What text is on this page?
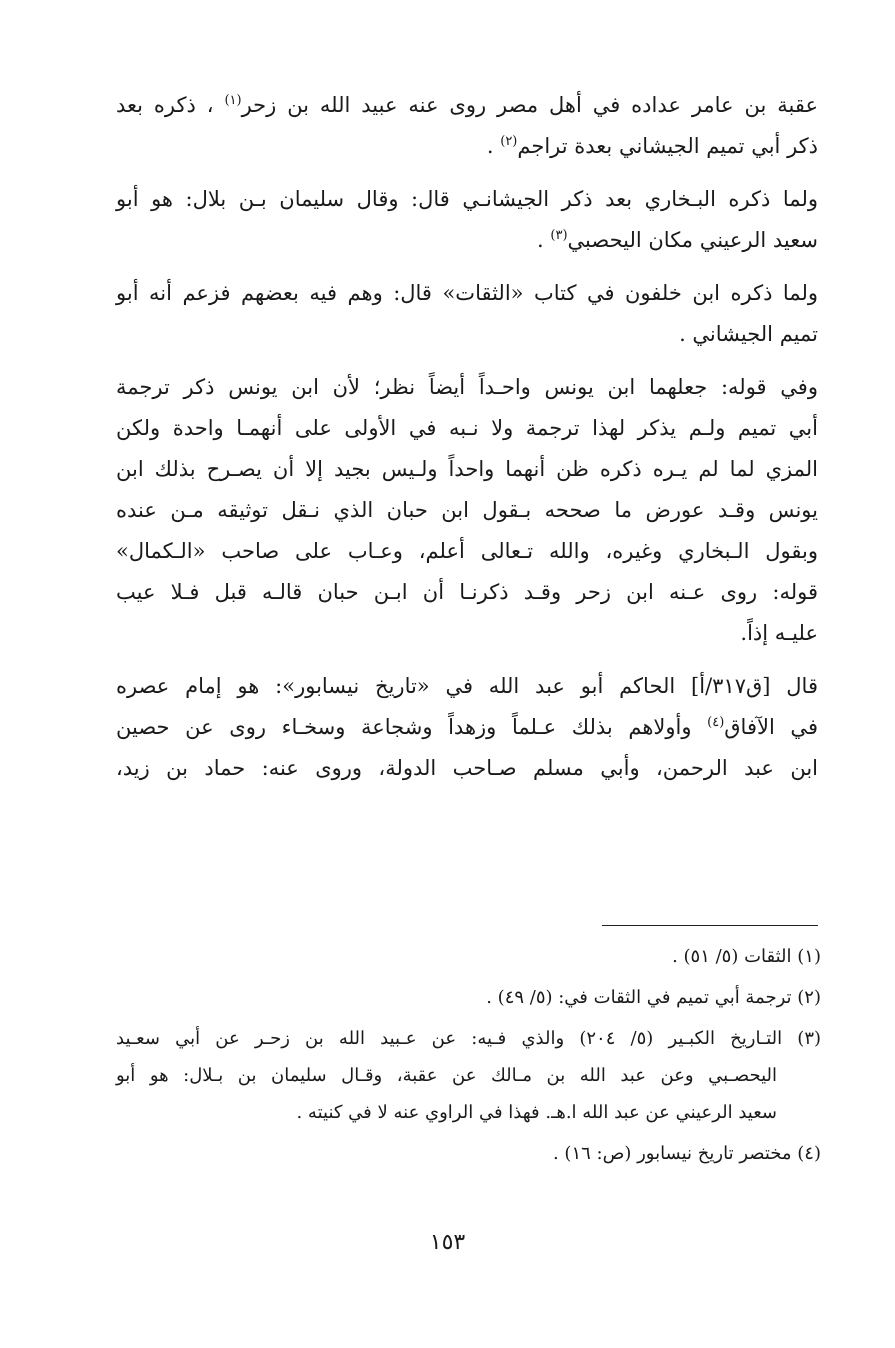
عقبة بن عامر عداده في أهل مصر روى عنه عبيد الله بن زحر$^{(١)}$ ، ذكره بعد
ذكر أبي تميم الجيشاني بعدة تراجم$^{(٢)}$ .

ولما ذكره البـخاري بعد ذكر الجيشانـي قال: وقال سليمان بـن بلال: هو أبو
سعيد الرعيني مكان اليحصبي$^{(٣)}$ .

ولما ذكره ابن خلفون في كتاب «الثقات» قال: وهم فيه بعضهم فزعم أنه أبو
تميم الجيشاني .

وفي قوله: جعلهما ابن يونس واحـداً أيضاً نظر؛ لأن ابن يونس ذكر ترجمة
أبي تميم ولـم يذكر لهذا ترجمة ولا نـبه في الأولى على أنهمـا واحدة ولكن
المزي لما لم يـره ذكره ظن أنهما واحداً ولـيس بجيد إلا أن يصـرح بذلك ابن
يونس وقـد عورض ما صححه بـقول ابن حبان الذي نـقل توثيقه مـن عنده
وبقول الـبخاري وغيره، والله تـعالى أعلم، وعـاب على صاحب «الـكمال»
قوله: روى عـنه ابن زحر وقـد ذكرنـا أن ابـن حبان قالـه قبل فـلا عيب
عليـه إذاً.

قال [ق٣١٧/أ] الحاكم أبو عبد الله في «تاريخ نيسابور»: هو إمام عصره
في الآفاق$^{(٤)}$ وأولاهم بذلك عـلماً وزهداً وشجاعة وسخـاء روى عن حصين
ابن عبد الرحمن، وأبي مسلم صـاحب الدولة، وروى عنه: حماد بن زيد،

(١) الثقات (٥/ ٥١) .
(٢) ترجمة أبي تميم في الثقات في: (٥/ ٤٩) .
(٣) التـاريخ الكبـير (٥/ ٢٠٤) والذي فـيه: عن عـبيد الله بن زحـر عن أبي سعـيد
اليحصـبي وعن عبد الله بن مـالك عن عقبة، وقـال سليمان بن بـلال: هو أبو
سعيد الرعيني عن عبد الله ا.هـ. فهذا في الراوي عنه لا في كنيته .
(٤) مختصر تاريخ نيسابور (ص: ١٦) .
١٥٣
